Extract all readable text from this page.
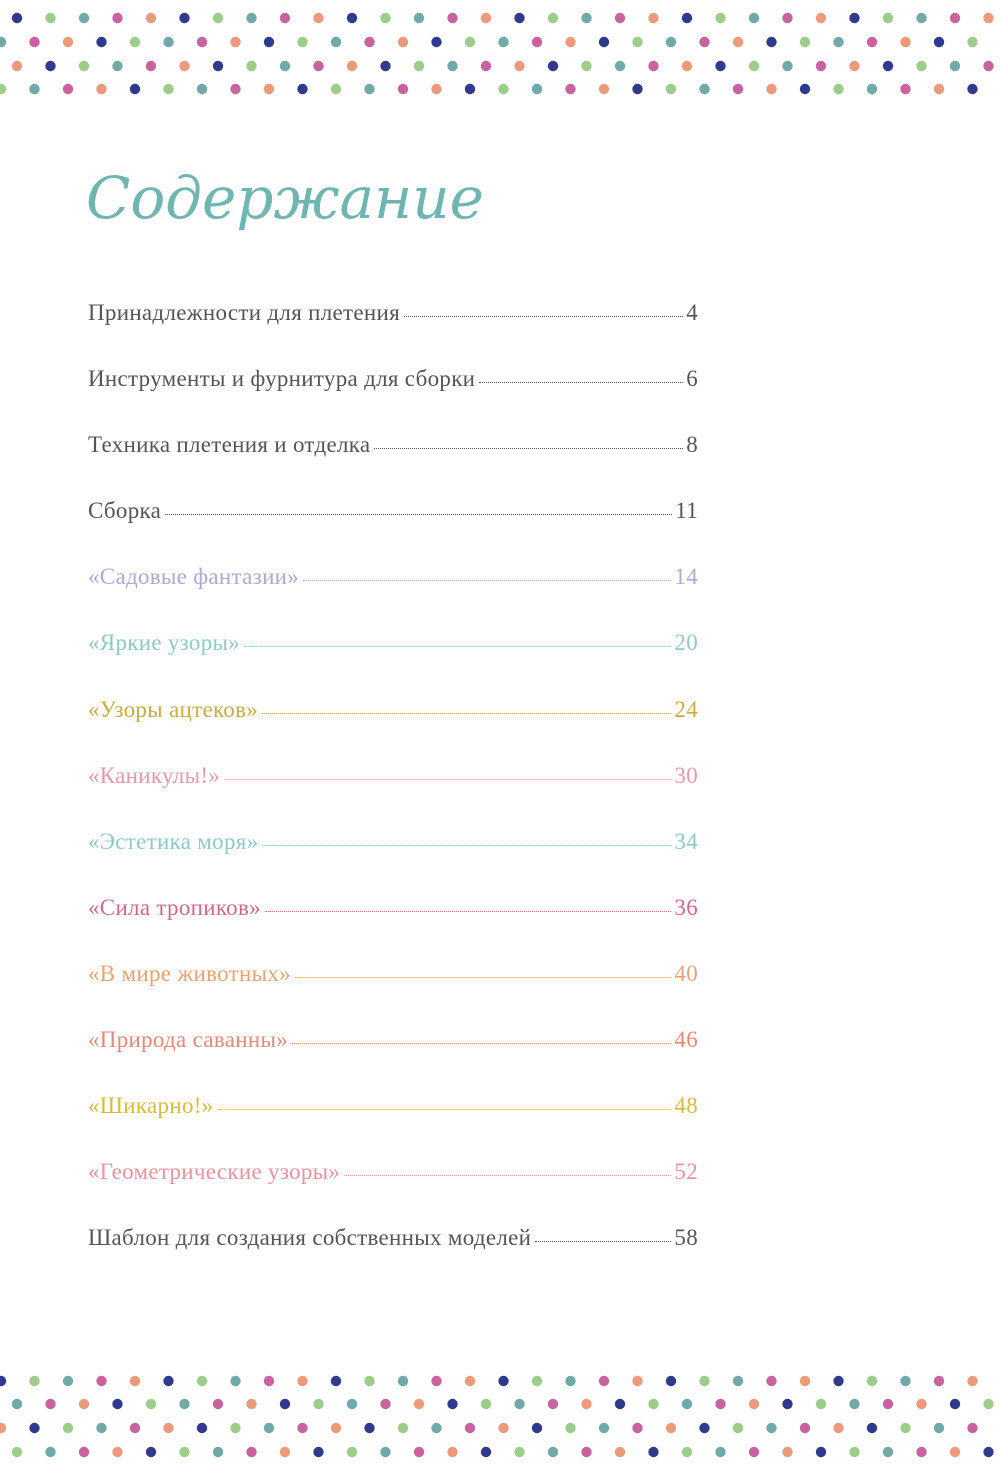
Содержание
Принадлежности для плетения	4
Инструменты и фурнитура для сборки	6
Техника плетения и отделка	8
Сборка	11
«Садовые фантазии»	14
«Яркие узоры»	20
«Узоры ацтеков»	24
«Каникулы!»	30
«Эстетика моря»	34
«Сила тропиков»	36
«В мире животных»	40
«Природа саванны»	46
«Шикарно!»	48
«Геометрические узоры»	52
Шаблон для создания собственных моделей	58
